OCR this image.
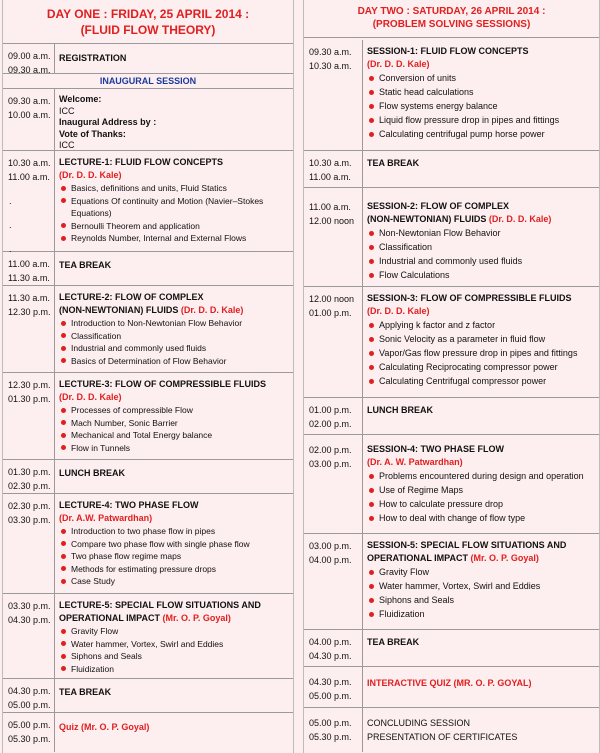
DAY ONE : FRIDAY, 25 APRIL 2014 :
(FLUID FLOW THEORY)
09.00 a.m.
09.30 a.m.
REGISTRATION
INAUGURAL SESSION
09.30 a.m.
10.00 a.m.
Welcome:
ICC
Inaugural Address by :
Vote of Thanks:
ICC
10.30 a.m.
11.00 a.m.
.

.

.
LECTURE-1: FLUID FLOW CONCEPTS
(Dr. D. D. Kale)
Basics, definitions and units, Fluid Statics
Equations Of continuity and Motion (Navier–Stokes Equations)
Bernoulli Theorem and application
Reynolds Number, Internal and External Flows
11.00 a.m.
11.30 a.m.
TEA BREAK
11.30 a.m.
12.30 p.m.
LECTURE-2: FLOW OF COMPLEX
(NON-NEWTONIAN) FLUIDS (Dr. D. D. Kale)
Introduction to Non-Newtonian Flow Behavior
Classification
Industrial and commonly used fluids
Basics of Determination of Flow Behavior
12.30 p.m.
01.30 p.m.
LECTURE-3: FLOW OF COMPRESSIBLE FLUIDS
(Dr. D. D. Kale)
Processes of compressible Flow
Mach Number, Sonic Barrier
Mechanical and Total Energy balance
Flow in Tunnels
01.30 p.m.
02.30 p.m.
LUNCH BREAK
02.30 p.m.
03.30 p.m.
LECTURE-4: TWO PHASE FLOW
(Dr. A.W. Patwardhan)
Introduction to two phase flow in pipes
Compare two phase flow with single phase flow
Two phase flow regime maps
Methods for estimating pressure drops
Case Study
03.30 p.m.
04.30 p.m.
LECTURE-5: SPECIAL FLOW SITUATIONS AND
OPERATIONAL IMPACT (Mr. O. P. Goyal)
Gravity Flow
Water hammer, Vortex, Swirl and Eddies
Siphons and Seals
Fluidization
04.30 p.m.
05.00 p.m.
TEA BREAK
05.00 p.m.
05.30 p.m.
Quiz (Mr. O. P. Goyal)
DAY TWO : SATURDAY, 26 APRIL 2014 :
(PROBLEM SOLVING SESSIONS)
09.30 a.m.
10.30 a.m.
SESSION-1: FLUID FLOW CONCEPTS
(Dr. D. D. Kale)
Conversion of units
Static head calculations
Flow systems energy balance
Liquid flow pressure drop in pipes and fittings
Calculating centrifugal pump horse power
10.30 a.m.
11.00 a.m.
TEA BREAK
11.00 a.m.
12.00 noon
SESSION-2: FLOW OF COMPLEX
(NON-NEWTONIAN) FLUIDS (Dr. D. D. Kale)
Non-Newtonian Flow Behavior
Classification
Industrial and commonly used fluids
Flow Calculations
12.00 noon
01.00 p.m.
SESSION-3: FLOW OF COMPRESSIBLE FLUIDS
(Dr. D. D. Kale)
Applying k factor and z factor
Sonic Velocity as a parameter in fluid flow
Vapor/Gas flow pressure drop in pipes and fittings
Calculating Reciprocating compressor power
Calculating Centrifugal compressor power
01.00 p.m.
02.00 p.m.
LUNCH BREAK
02.00 p.m.
03.00 p.m.
SESSION-4: TWO PHASE FLOW
(Dr. A. W. Patwardhan)
Problems encountered during design and operation
Use of Regime Maps
How to calculate pressure drop
How to deal with change of flow type
03.00 p.m.
04.00 p.m.
SESSION-5: SPECIAL FLOW SITUATIONS AND
OPERATIONAL IMPACT (Mr. O. P. Goyal)
Gravity Flow
Water hammer, Vortex, Swirl and Eddies
Siphons and Seals
Fluidization
04.00 p.m.
04.30 p.m.
TEA BREAK
04.30 p.m.
05.00 p.m.
INTERACTIVE QUIZ (MR. O. P. GOYAL)
05.00 p.m.
05.30 p.m.
CONCLUDING SESSION
PRESENTATION OF CERTIFICATES
